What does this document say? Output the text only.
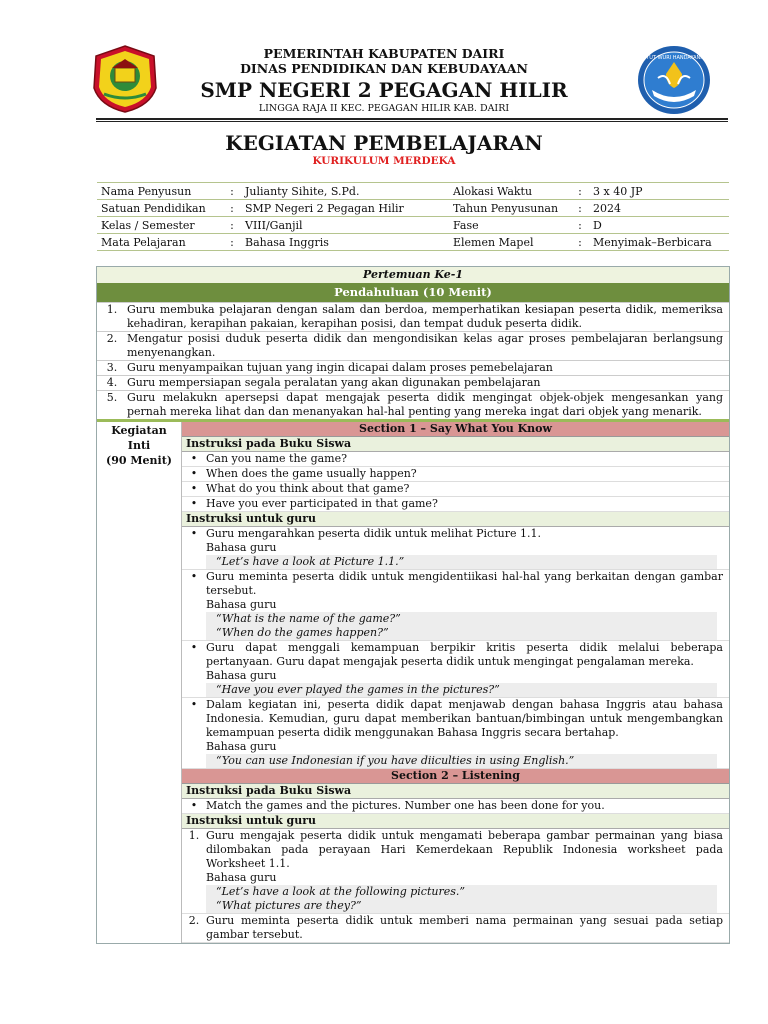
TUT WURI HANDAYANI
PEMERINTAH KABUPATEN DAIRI
DINAS PENDIDIKAN DAN KEBUDAYAAN
SMP NEGERI 2 PEGAGAN HILIR
LINGGA RAJA II KEC. PEGAGAN HILIR KAB. DAIRI
KEGIATAN PEMBELAJARAN
KURIKULUM MERDEKA
Nama Penyusun	:	Julianty Sihite, S.Pd.	Alokasi Waktu	:	3 x 40 JP
Satuan Pendidikan	:	SMP Negeri 2 Pegagan Hilir	Tahun Penyusunan	:	2024
Kelas / Semester	:	VIII/Ganjil	Fase	:	D
Mata Pelajaran	:	Bahasa Inggris	Elemen Mapel	:	Menyimak–Berbicara
Pertemuan Ke-1
Pendahuluan (10 Menit)
1. Guru membuka pelajaran dengan salam dan berdoa, memperhatikan kesiapan peserta didik, memeriksa kehadiran, kerapihan pakaian, kerapihan posisi, dan tempat duduk peserta didik.
2. Mengatur posisi duduk peserta didik dan mengondisikan kelas agar proses pembelajaran berlangsung menyenangkan.
3. Guru menyampaikan tujuan yang ingin dicapai dalam proses pemebelajaran
4. Guru mempersiapan segala peralatan yang akan digunakan pembelajaran
5. Guru melakukn apersepsi dapat mengajak peserta didik mengingat objek-objek mengesankan yang pernah mereka lihat dan dan menanyakan hal-hal penting yang mereka ingat dari objek yang menarik.
Kegiatan
Inti
(90 Menit)
Section 1 – Say What You Know
Instruksi pada Buku Siswa
• Can you name the game?
• When does the game usually happen?
• What do you think about that game?
• Have you ever participated in that game?
Instruksi untuk guru
• Guru mengarahkan peserta didik untuk melihat Picture 1.1.
Bahasa guru
“Let’s have a look at Picture 1.1.”
• Guru meminta peserta didik untuk mengidentiikasi hal-hal yang berkaitan dengan gambar tersebut.
Bahasa guru
“What is the name of the game?”
“When do the games happen?”
• Guru dapat menggali kemampuan berpikir kritis peserta didik melalui beberapa pertanyaan. Guru dapat mengajak peserta didik untuk mengingat pengalaman mereka.
Bahasa guru
“Have you ever played the games in the pictures?”
• Dalam kegiatan ini, peserta didik dapat menjawab dengan bahasa Inggris atau bahasa Indonesia. Kemudian, guru dapat memberikan bantuan/bimbingan untuk mengembangkan kemampuan peserta didik menggunakan Bahasa Inggris secara bertahap.
Bahasa guru
“You can use Indonesian if you have diiculties in using English.”
Section 2 – Listening
Instruksi pada Buku Siswa
• Match the games and the pictures. Number one has been done for you.
Instruksi untuk guru
1. Guru mengajak peserta didik untuk mengamati beberapa gambar permainan yang biasa dilombakan pada perayaan Hari Kemerdekaan Republik Indonesia worksheet pada Worksheet 1.1.
Bahasa guru
“Let’s have a look at the following pictures.”
“What pictures are they?”
2. Guru meminta peserta didik untuk memberi nama permainan yang sesuai pada setiap gambar tersebut.
